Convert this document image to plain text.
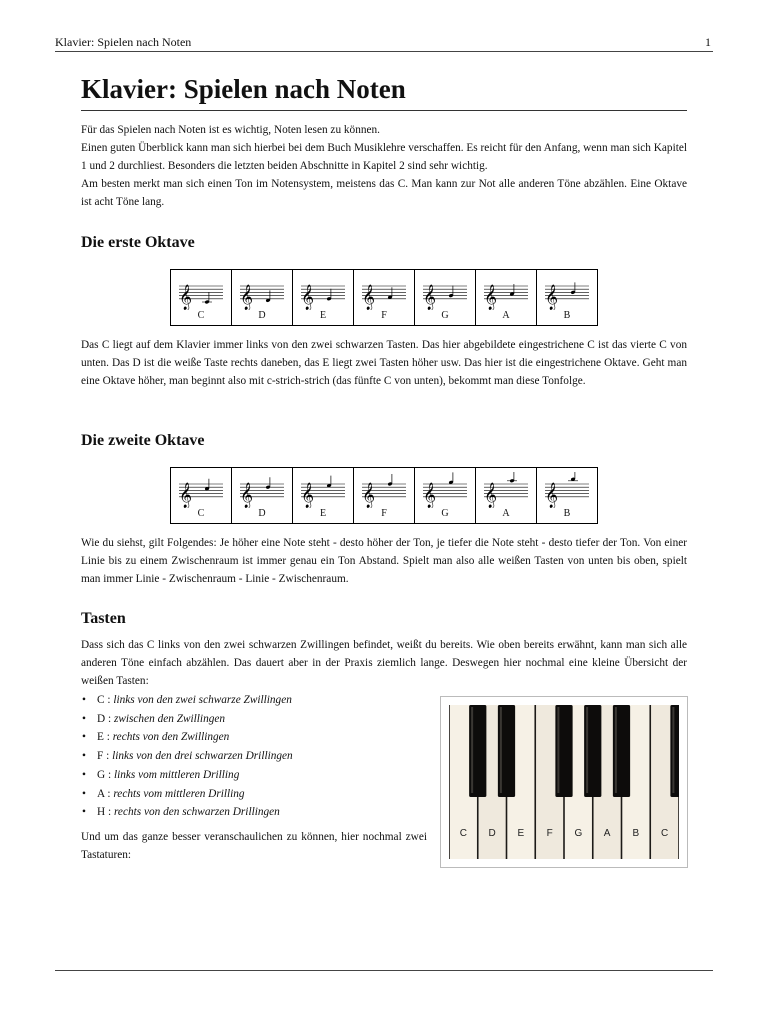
Klavier: Spielen nach Noten	1
Klavier: Spielen nach Noten

Für das Spielen nach Noten ist es wichtig, Noten lesen zu können.

Einen guten Überblick kann man sich hierbei bei dem Buch Musiklehre verschaffen. Es reicht für den Anfang, wenn man sich Kapitel 1 und 2 durchliest. Besonders die letzten beiden Abschnitte in Kapitel 2 sind sehr wichtig.

Am besten merkt man sich einen Ton im Notensystem, meistens das C. Man kann zur Not alle anderen Töne abzählen. Eine Oktave ist acht Töne lang.

Die erste Oktave
𝄞
C
𝄞
D
𝄞
E
𝄞
F
𝄞
G
𝄞
A
𝄞
B

Das C liegt auf dem Klavier immer links von den zwei schwarzen Tasten. Das hier abgebildete eingestrichene C ist das vierte C von unten. Das D ist die weiße Taste rechts daneben, das E liegt zwei Tasten höher usw. Das hier ist die eingestrichene Oktave. Geht man eine Oktave höher, man beginnt also mit c-strich-strich (das fünfte C von unten), bekommt man diese Tonfolge.

Die zweite Oktave
𝄞
C
𝄞
D
𝄞
E
𝄞
F
𝄞
G
𝄞
A
𝄞
B

Wie du siehst, gilt Folgendes: Je höher eine Note steht - desto höher der Ton, je tiefer die Note steht - desto tiefer der Ton. Von einer Linie bis zu einem Zwischenraum ist immer genau ein Ton Abstand. Spielt man also alle weißen Tasten von unten bis oben, spielt man immer Linie - Zwischenraum - Linie - Zwischenraum.

Tasten

Dass sich das C links von den zwei schwarzen Zwillingen befindet, weißt du bereits. Wie oben bereits erwähnt, kann man sich alle anderen Töne einfach abzählen. Das dauert aber in der Praxis ziemlich lange. Deswegen hier nochmal eine kleine Übersicht der weißen Tasten:

• C : links von den zwei schwarze Zwillingen
• D : zwischen den Zwillingen
• E : rechts von den Zwillingen
• F : links von den drei schwarzen Drillingen
• G : links vom mittleren Drilling
• A : rechts vom mittleren Drilling
• H : rechts von den schwarzen Drillingen

Und um das ganze besser veranschaulichen zu können, hier nochmal zwei Tastaturen:

C D E F G A B C
